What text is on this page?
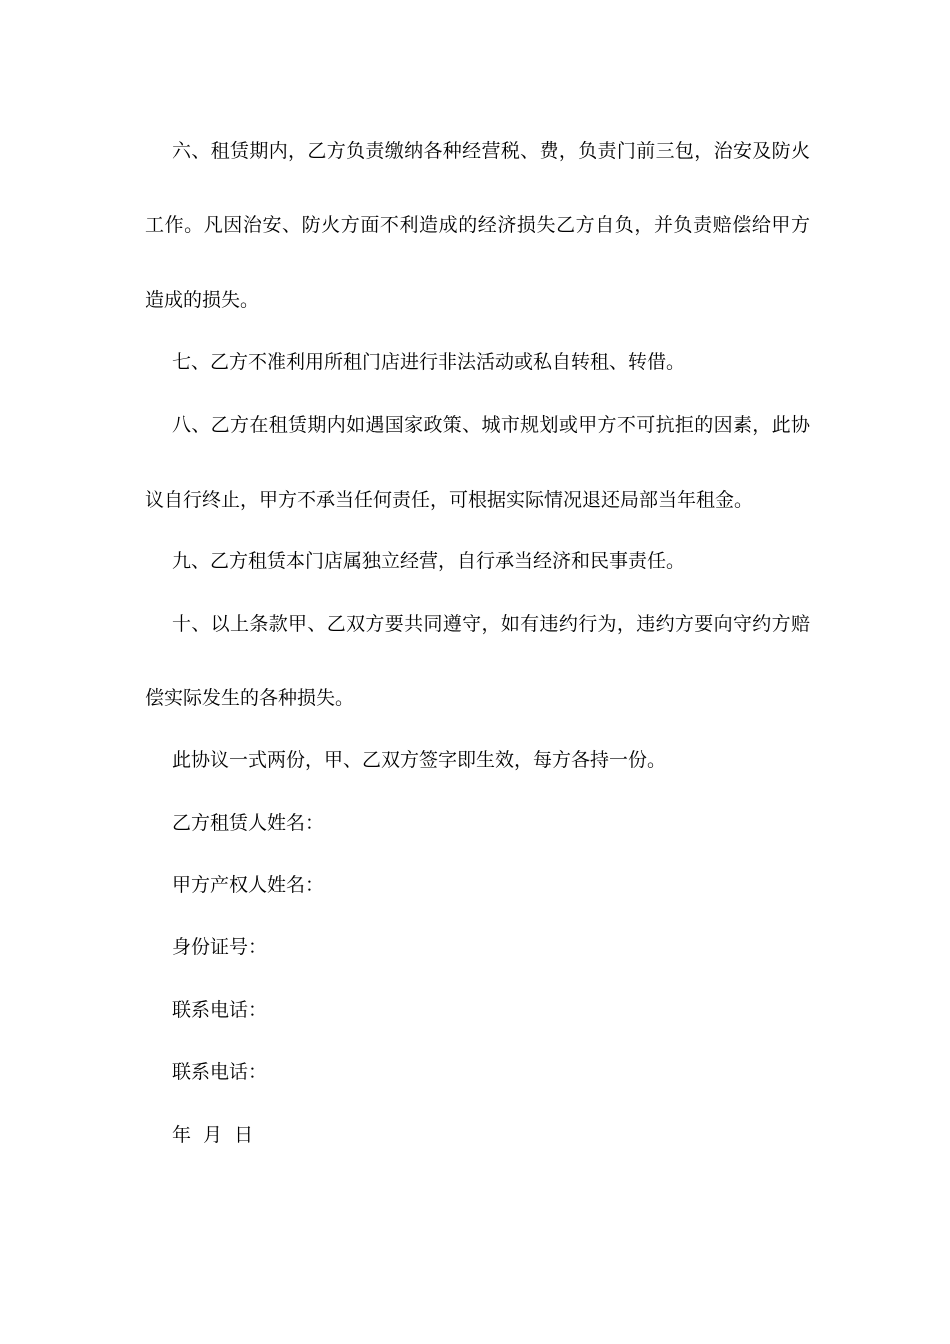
六、租赁期内，乙方负责缴纳各种经营税、费，负责门前三包，治安及防火
工作。凡因治安、防火方面不利造成的经济损失乙方自负，并负责赔偿给甲方
造成的损失。
七、乙方不准利用所租门店进行非法活动或私自转租、转借。
八、乙方在租赁期内如遇国家政策、城市规划或甲方不可抗拒的因素，此协
议自行终止，甲方不承当任何责任，可根据实际情况退还局部当年租金。
九、乙方租赁本门店属独立经营，自行承当经济和民事责任。
十、以上条款甲、乙双方要共同遵守，如有违约行为，违约方要向守约方赔
偿实际发生的各种损失。
此协议一式两份，甲、乙双方签字即生效，每方各持一份。
乙方租赁人姓名：
甲方产权人姓名：
身份证号：
联系电话：
联系电话：
年  月  日
